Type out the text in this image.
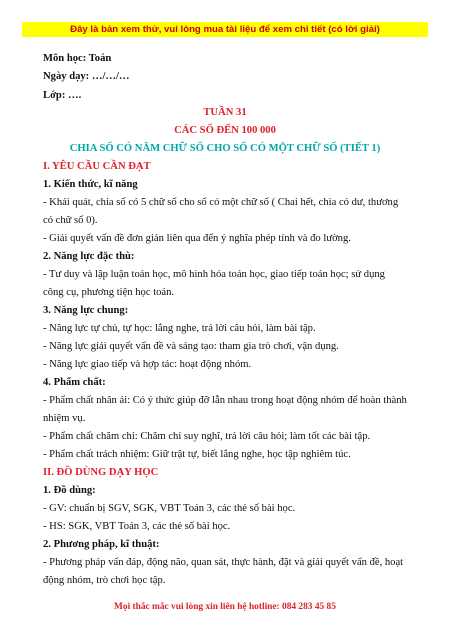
Đây là bản xem thử, vui lòng mua tài liệu để xem chi tiết (có lời giải)
Môn học: Toán
Ngày dạy: …/…/…
Lớp: ….
TUẦN 31
CÁC SỐ ĐẾN 100 000
CHIA SỐ CÓ NĂM CHỮ SỐ CHO SỐ CÓ MỘT CHỮ SỐ (TIẾT 1)
I. YÊU CẦU CẦN ĐẠT
1. Kiến thức, kĩ năng
- Khái quát, chia số có 5 chữ số cho số có một chữ số ( Chai hết, chia có dư, thương
có chữ số 0).
- Giải quyết vấn đề đơn giản liên qua đến ý nghĩa phép tính và đo lường.
2. Năng lực đặc thù:
- Tư duy và lập luận toán học, mô hình hóa toán học, giao tiếp toán học; sử dụng
công cụ, phương tiện học toán.
3. Năng lực chung:
- Năng lực tự chủ, tự học: lắng nghe, trả lời câu hỏi, làm bài tập.
- Năng lực giải quyết vấn đề và sáng tạo: tham gia trò chơi, vận dụng.
- Năng lực giao tiếp và hợp tác: hoạt động nhóm.
4. Phẩm chất:
- Phẩm chất nhân ái: Có ý thức giúp đỡ lẫn nhau trong hoạt động nhóm để hoàn thành
nhiệm vụ.
- Phẩm chất chăm chỉ: Chăm chỉ suy nghĩ, trả lời câu hỏi; làm tốt các bài tập.
- Phẩm chất trách nhiệm: Giữ trật tự, biết lắng nghe, học tập nghiêm túc.
II. ĐỒ DÙNG DẠY HỌC
1. Đồ dùng:
- GV: chuẩn bị SGV, SGK, VBT Toán 3, các thẻ số bài học.
- HS: SGK, VBT Toán 3, các thẻ số bài học.
2. Phương pháp, kĩ thuật:
- Phương pháp vấn đáp, động não, quan sát, thực hành, đặt và giải quyết vấn đề, hoạt
động nhóm, trò chơi học tập.
Mọi thắc mắc vui lòng xin liên hệ hotline: 084 283 45 85
